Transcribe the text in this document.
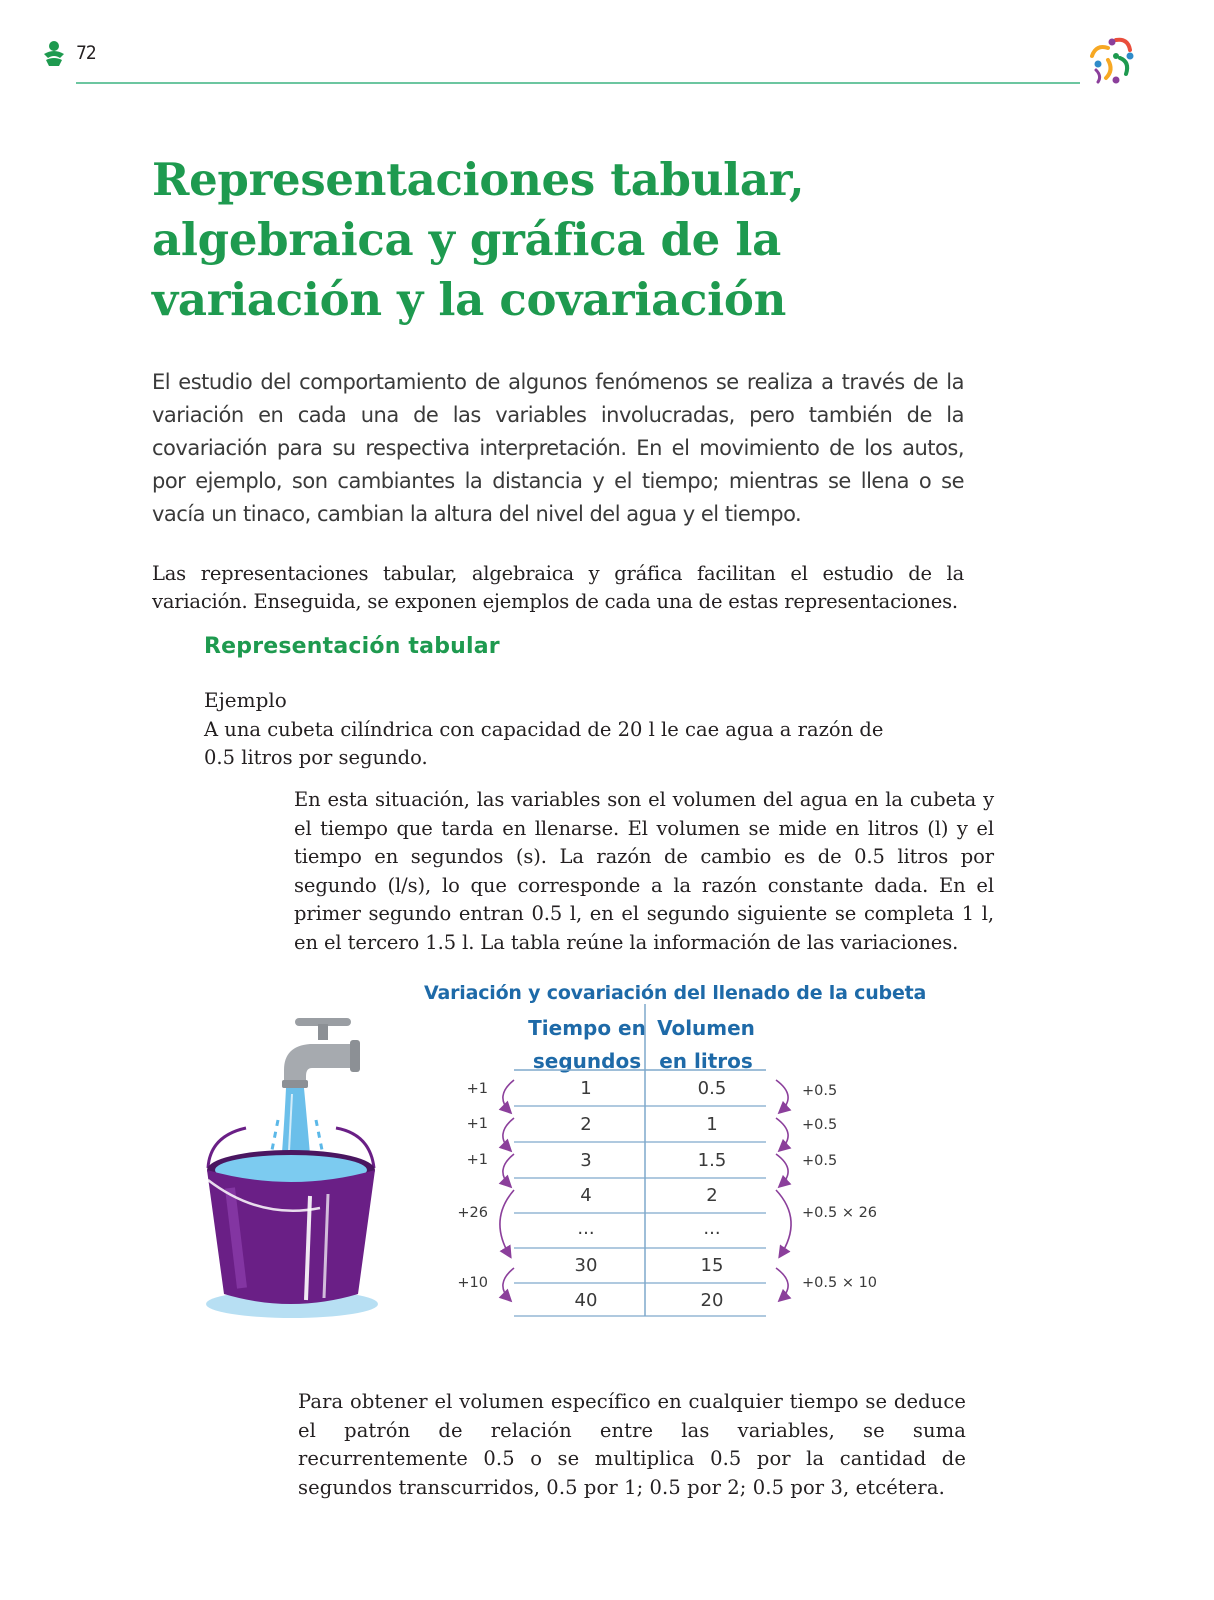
72
Representaciones tabular, algebraica y gráfica de la variación y la covariación

El estudio del comportamiento de algunos fenómenos se realiza a través de la variación en cada una de las variables involucradas, pero también de la covariación para su respectiva interpretación. En el movimiento de los autos, por ejemplo, son cambiantes la distancia y el tiempo; mientras se llena o se vacía un tinaco, cambian la altura del nivel del agua y el tiempo.

Las representaciones tabular, algebraica y gráfica facilitan el estudio de la variación. Enseguida, se exponen ejemplos de cada una de estas representaciones.

Representación tabular

Ejemplo

A una cubeta cilíndrica con capacidad de 20 l le cae agua a razón de 0.5 litros por segundo.

En esta situación, las variables son el volumen del agua en la cubeta y el tiempo que tarda en llenarse. El volumen se mide en litros (l) y el tiempo en segundos (s). La razón de cambio es de 0.5 litros por segundo (l/s), lo que corresponde a la razón constante dada. En el primer segundo entran 0.5 l, en el segundo siguiente se completa 1 l, en el tercero 1.5 l. La tabla reúne la información de las variaciones.

Variación y covariación del llenado de la cubeta
Tiempo en
segundos
Volumen
en litros
1	0.5
2	1
3	1.5
4	2
...	...
30	15
40	20
+1
+1
+1
+26
+10
+0.5
+0.5
+0.5
+0.5 × 26
+0.5 × 10

Para obtener el volumen específico en cualquier tiempo se deduce el patrón de relación entre las variables, se suma recurrentemente 0.5 o se multiplica 0.5 por la cantidad de segundos transcurridos, 0.5 por 1; 0.5 por 2; 0.5 por 3, etcétera.
